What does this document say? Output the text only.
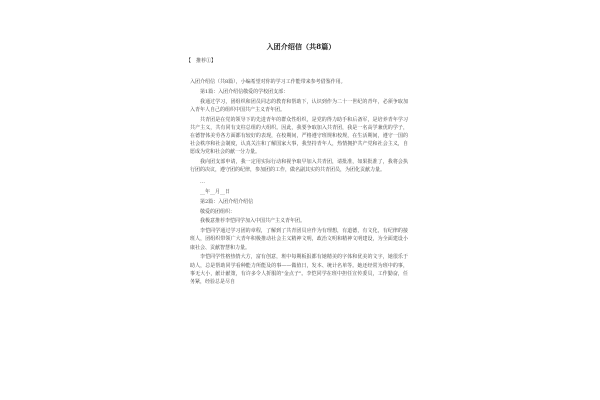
入团介绍信（共8篇）
【　推荐①】

入团介绍信（共8篇），小编希望对你的学习工作能带来参考借鉴作用。

第1篇：入团介绍信敬爱的学校团支部：

我通过学习，团组织和团员同志的教育和帮助下，认识到作为二十一世纪的青年，必须争取加入青年人自己的组织中国共产主义青年团。

共青团是在党的领导下的先进青年的群众性组织，是党的得力助手和后备军，是培养青年学习共产主义，共有同有支柱总组的大组织。因此，我要争取加入共青团，我是一名高学兼优的学子，在德智体美劳各方面都有较好的表现，在校期间，严格遵守班规和校规，在生活期间，遵守一国的社会秩序和社会制度，认真关注和了解国家大事，我坚持青年人，热情拥护共产党和社会主义，自愿成为党和社会的献一分力量。

我向团支部申请，我一定用实际行动和视争取早加入共青团，请批准，如果批准了，我将会执行团的决议，遵守团的纪律，参加团的工作，做名副其实的共青团员，为团化贡献力量。

…

__年__月__日

第2篇：入团介绍介绍信

敬爱的团组织：

我极意推荐李恺同学加入中国共产主义青年团。

李恺同学通过学习团的章程，了解到了共青团员应作为有理想，有道德，有文化，有纪律的接班人，团组织带领广大青年积极推动社会主义精神文明，政治文明和精神文明建设，为全面建设小康社会、贡献智慧和力量。

李恺同学性格热情大方，富有创意，班中每期板报都有她精美的字体和优美的文字，她很乐于助人，总是帮助同学看种能力所能及的事——做值日，发本、统计名单等。她还经常为班中的事，事无大小，献计献策，有许多令人折服的"金点子"。李恺同学在班中担任宣传委员，工作勤奋，任务紧，经验总是尽自
